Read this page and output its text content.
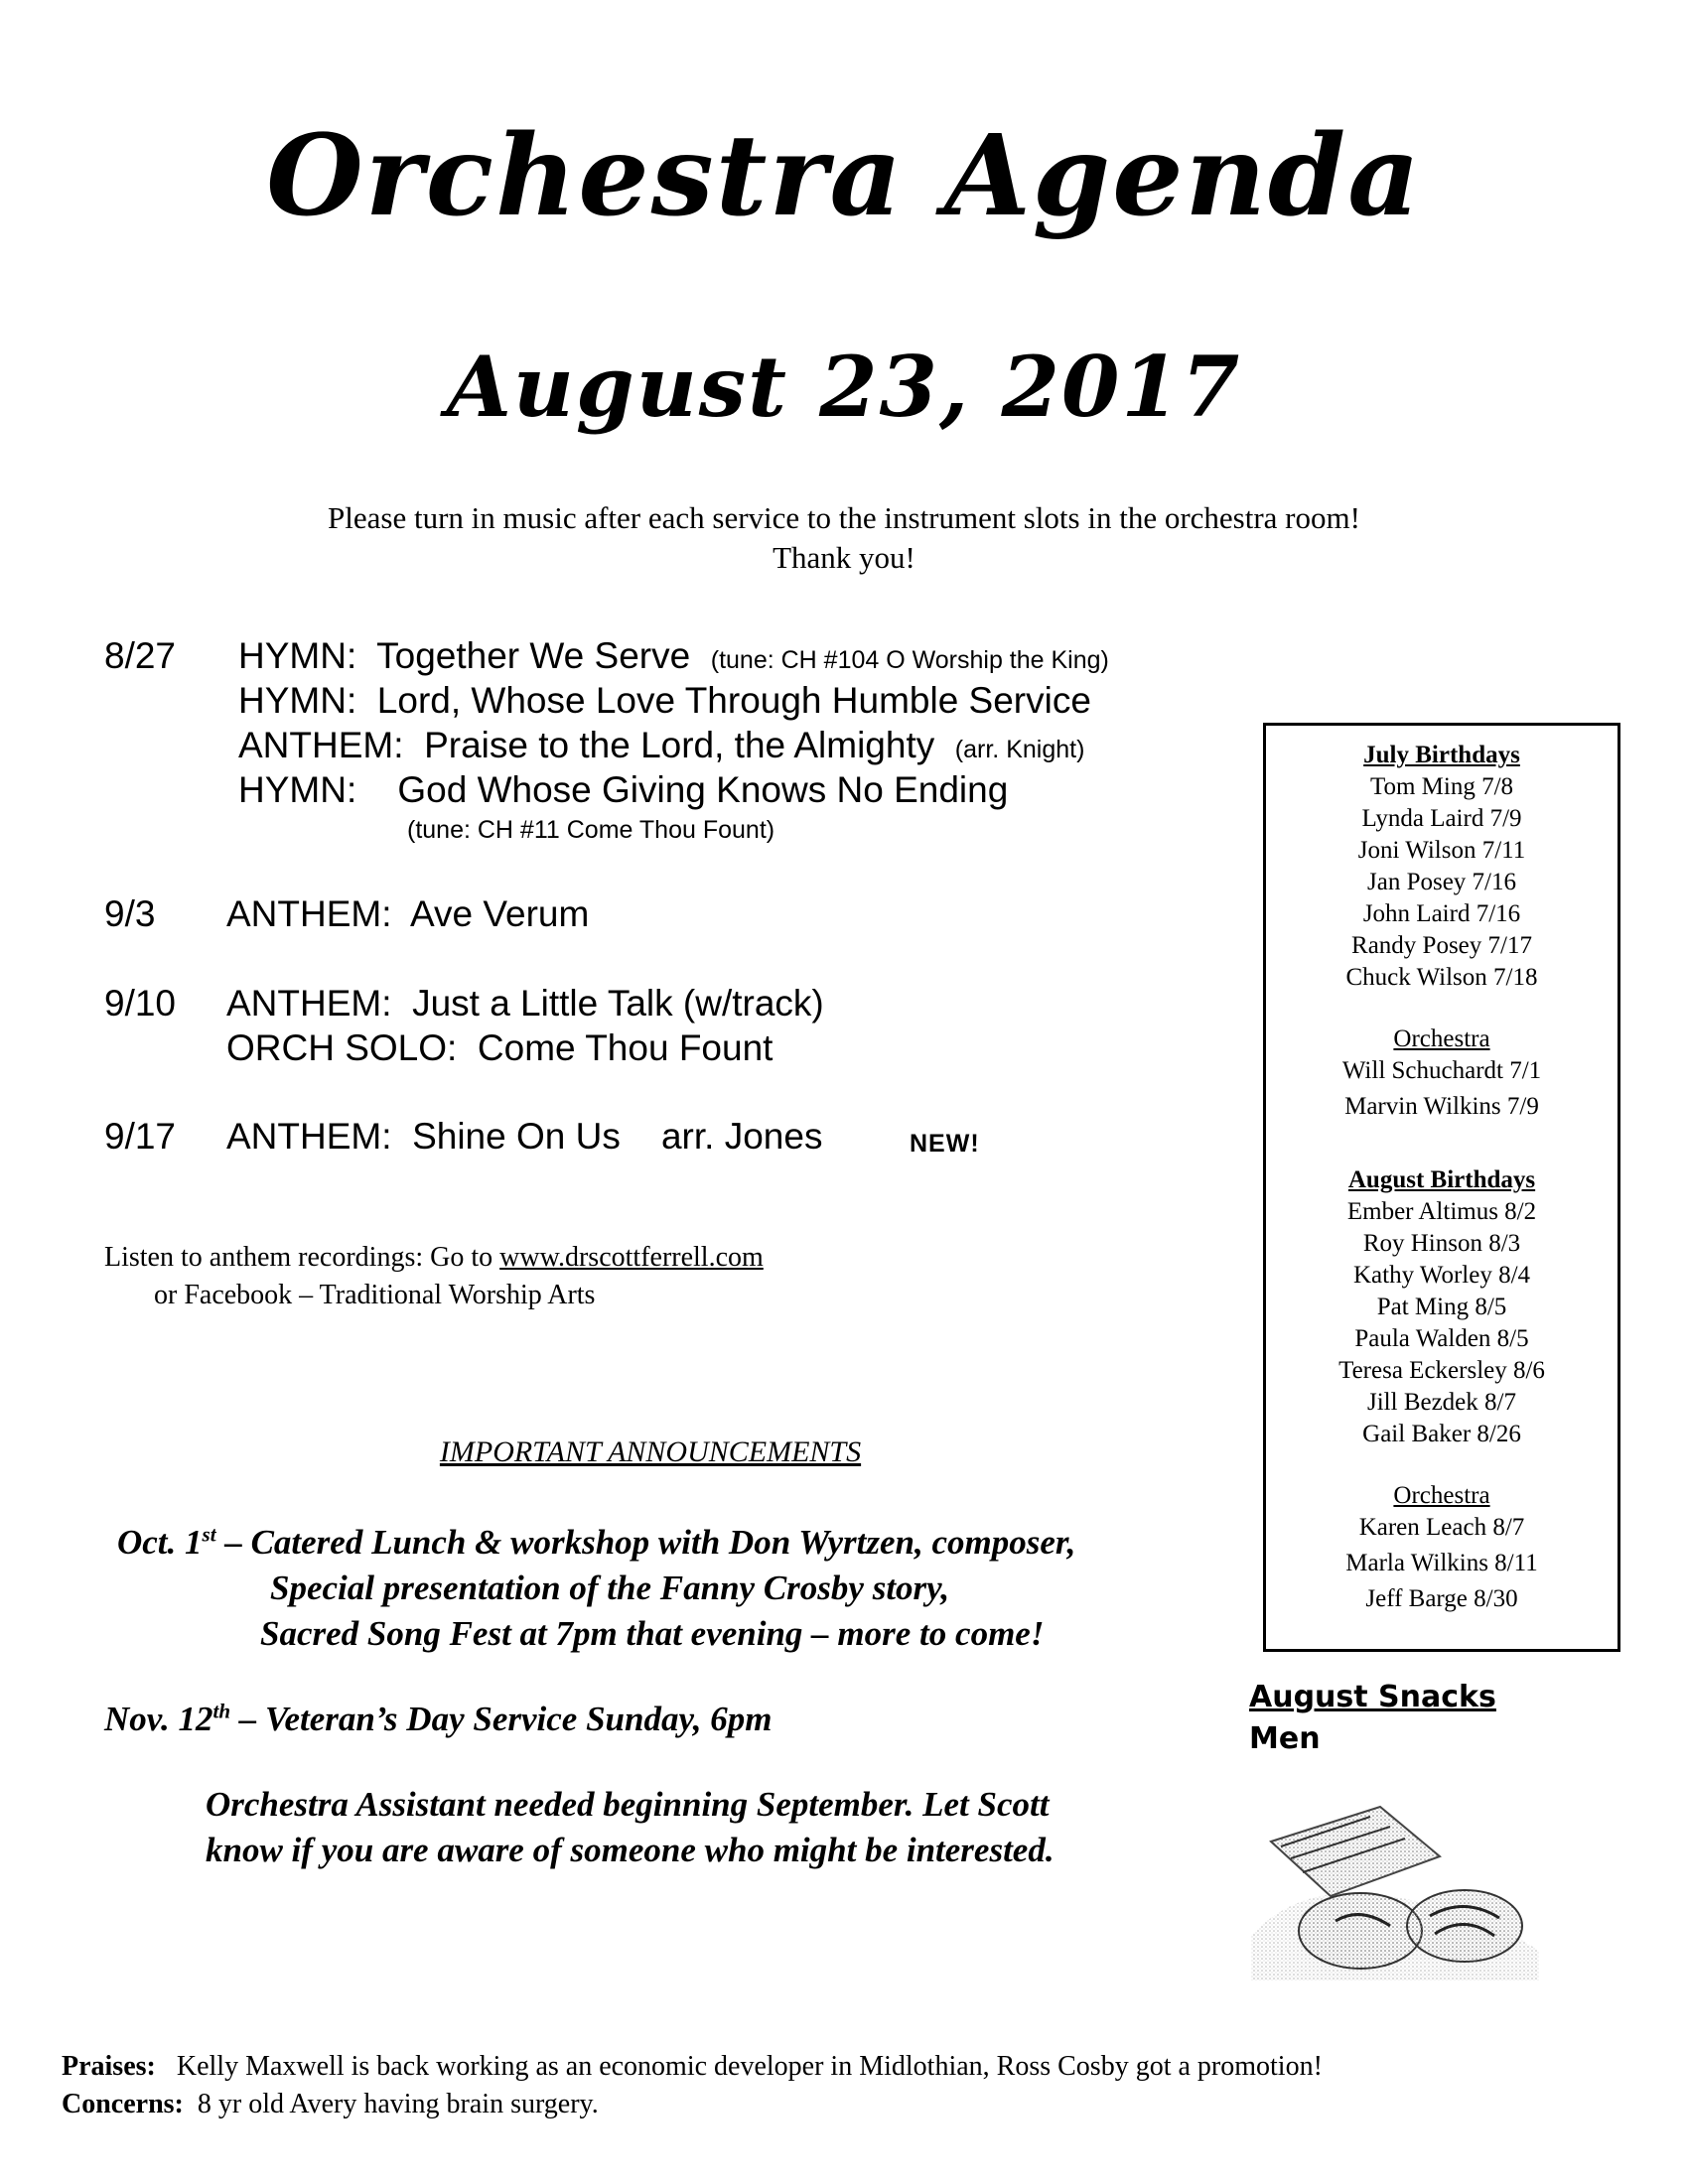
Orchestra Agenda
August 23, 2017
Please turn in music after each service to the instrument slots in the orchestra room!
Thank you!
8/27 HYMN: Together We Serve (tune: CH #104 O Worship the King)
HYMN: Lord, Whose Love Through Humble Service
ANTHEM: Praise to the Lord, the Almighty (arr. Knight)
HYMN: God Whose Giving Knows No Ending
(tune: CH #11 Come Thou Fount)
9/3 ANTHEM: Ave Verum
9/10 ANTHEM: Just a Little Talk (w/track)
ORCH SOLO: Come Thou Fount
9/17 ANTHEM: Shine On Us arr. Jones	NEW!
Listen to anthem recordings: Go to www.drscottferrell.com
or Facebook – Traditional Worship Arts
IMPORTANT ANNOUNCEMENTS
Oct. 1st – Catered Lunch & workshop with Don Wyrtzen, composer,
Special presentation of the Fanny Crosby story,
Sacred Song Fest at 7pm that evening – more to come!
Nov. 12th – Veteran’s Day Service Sunday, 6pm
Orchestra Assistant needed beginning September. Let Scott
know if you are aware of someone who might be interested.
July Birthdays
Tom Ming 7/8
Lynda Laird 7/9
Joni Wilson 7/11
Jan Posey 7/16
John Laird 7/16
Randy Posey 7/17
Chuck Wilson 7/18
Orchestra
Will Schuchardt 7/1
Marvin Wilkins 7/9
August Birthdays
Ember Altimus 8/2
Roy Hinson 8/3
Kathy Worley 8/4
Pat Ming 8/5
Paula Walden 8/5
Teresa Eckersley 8/6
Jill Bezdek 8/7
Gail Baker 8/26
Orchestra
Karen Leach 8/7
Marla Wilkins 8/11
Jeff Barge 8/30
August Snacks
Men
Praises: Kelly Maxwell is back working as an economic developer in Midlothian, Ross Cosby got a promotion!
Concerns: 8 yr old Avery having brain surgery.
